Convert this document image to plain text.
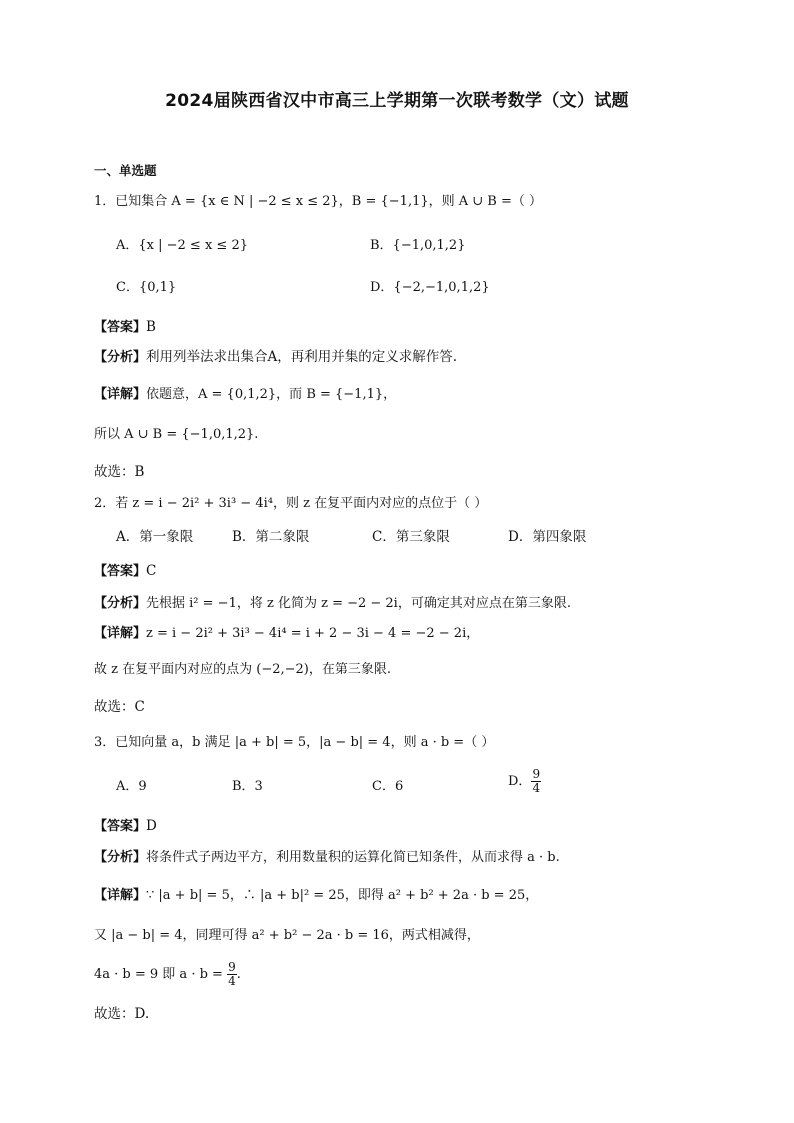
2024届陕西省汉中市高三上学期第一次联考数学（文）试题
一、单选题
1．已知集合 A = {x ∈ N | −2 ≤ x ≤ 2}，B = {−1,1}，则 A ∪ B =（ ）
A．{x | −2 ≤ x ≤ 2}	B．{−1,0,1,2}
C．{0,1}	D．{−2,−1,0,1,2}
【答案】B
【分析】利用列举法求出集合A，再利用并集的定义求解作答.
【详解】依题意，A = {0,1,2}，而 B = {−1,1}，
所以 A ∪ B = {−1,0,1,2}.
故选：B
2．若 z = i − 2i² + 3i³ − 4i⁴，则 z 在复平面内对应的点位于（ ）
A．第一象限	B．第二象限	C．第三象限	D．第四象限
【答案】C
【分析】先根据 i² = −1，将 z 化简为 z = −2 − 2i，可确定其对应点在第三象限.
【详解】z = i − 2i² + 3i³ − 4i⁴ = i + 2 − 3i − 4 = −2 − 2i，
故 z 在复平面内对应的点为 (−2,−2)，在第三象限.
故选：C
3．已知向量 a，b 满足 |a + b| = 5，|a − b| = 4，则 a · b =（ ）
A．9	B．3	C．6	D． $\frac{9}{4}$
【答案】D
【分析】将条件式子两边平方，利用数量积的运算化简已知条件，从而求得 a · b.
【详解】∵ |a + b| = 5，∴ |a + b|² = 25，即得 a² + b² + 2a · b = 25，
又 |a − b| = 4，同理可得 a² + b² − 2a · b = 16，两式相减得，
4a · b = 9 即 $a \cdot b = \frac{9}{4}$ .
故选：D.
